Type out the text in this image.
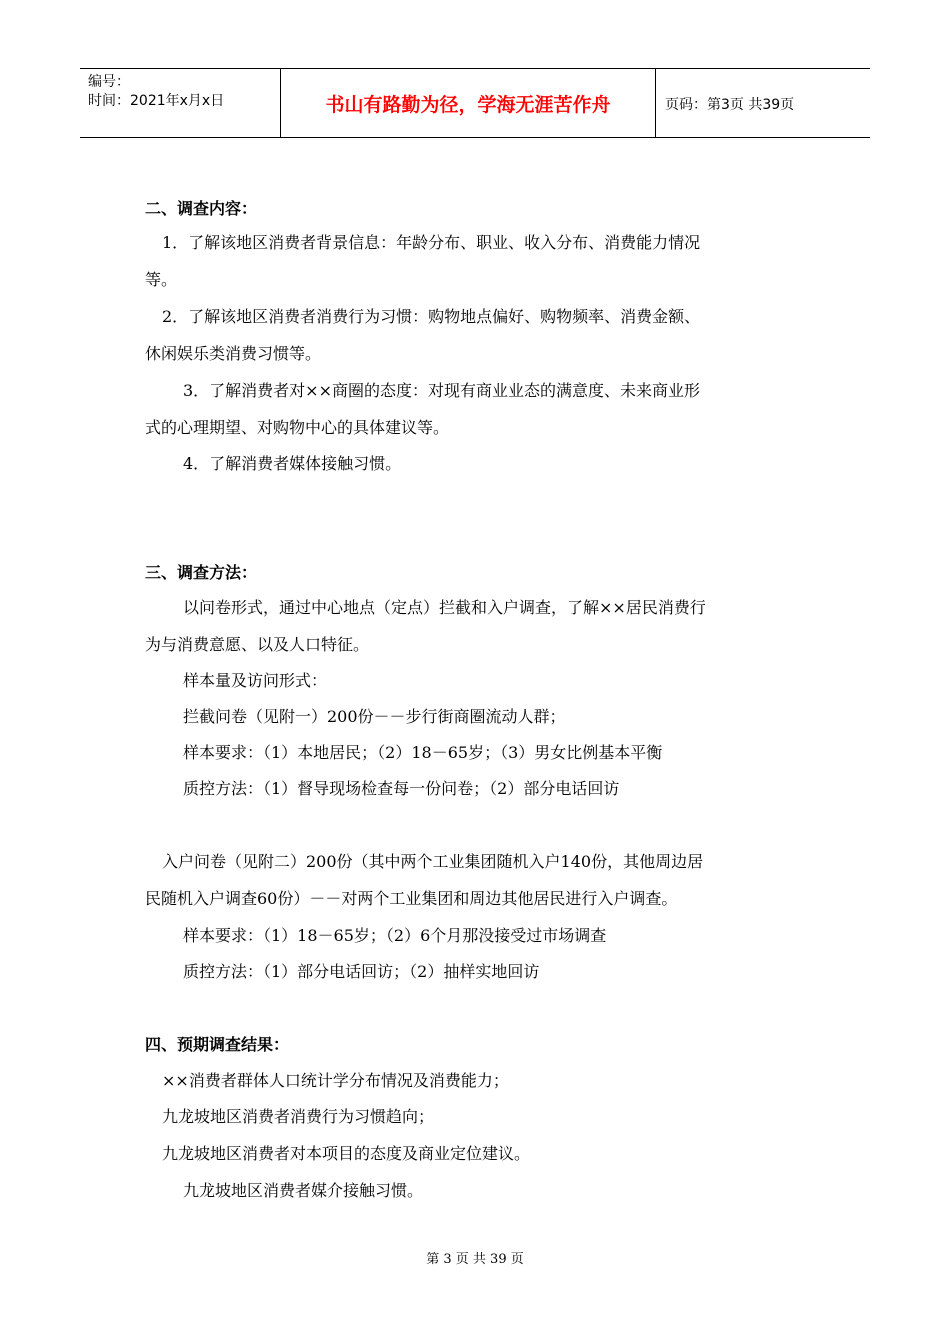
编号：
时间：2021年x月x日	书山有路勤为径，学海无涯苦作舟	页码：第3页 共39页
二、调查内容：
1．了解该地区消费者背景信息：年龄分布、职业、收入分布、消费能力情况
等。
2．了解该地区消费者消费行为习惯：购物地点偏好、购物频率、消费金额、
休闲娱乐类消费习惯等。
3．了解消费者对××商圈的态度：对现有商业业态的满意度、未来商业形
式的心理期望、对购物中心的具体建议等。
4．了解消费者媒体接触习惯。
三、调查方法：
以问卷形式，通过中心地点（定点）拦截和入户调查，了解××居民消费行
为与消费意愿、以及人口特征。
样本量及访问形式：
拦截问卷（见附一）200份－－步行街商圈流动人群；
样本要求：（1）本地居民；（2）18－65岁；（3）男女比例基本平衡
质控方法：（1）督导现场检查每一份问卷；（2）部分电话回访
入户问卷（见附二）200份（其中两个工业集团随机入户140份，其他周边居
民随机入户调查60份）－－对两个工业集团和周边其他居民进行入户调查。
样本要求：（1）18－65岁；（2）6个月那没接受过市场调查
质控方法：（1）部分电话回访；（2）抽样实地回访
四、预期调查结果：
××消费者群体人口统计学分布情况及消费能力；
九龙坡地区消费者消费行为习惯趋向；
九龙坡地区消费者对本项目的态度及商业定位建议。
九龙坡地区消费者媒介接触习惯。
第 3 页 共 39 页
